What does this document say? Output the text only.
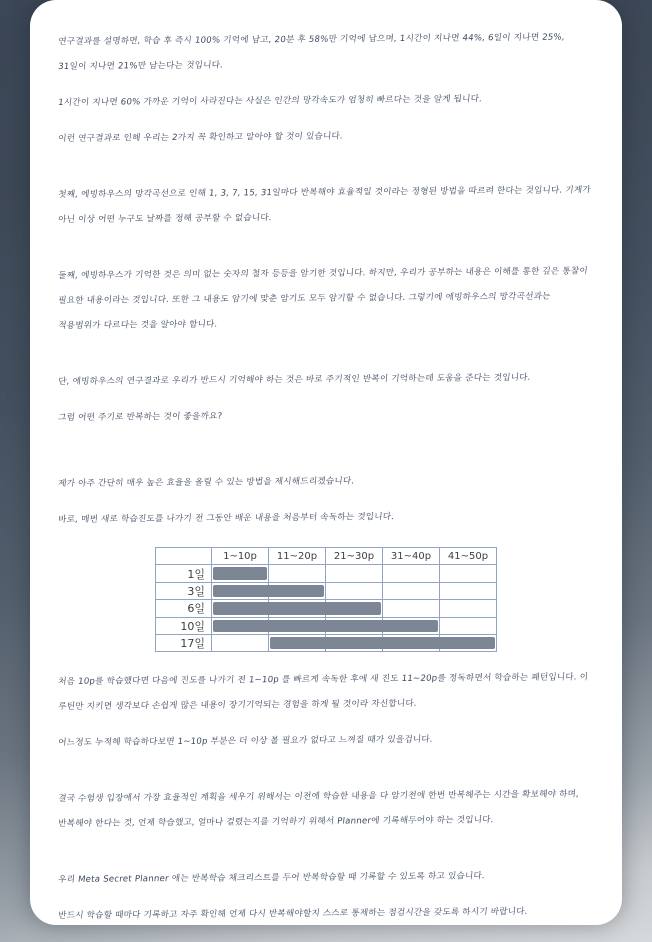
연구결과를 설명하면, 학습 후 즉시 100% 기억에 남고, 20분 후 58%만 기억에 남으며, 1시간이 지나면 44%, 6일이 지나면 25%,
31일이 지나면 21%만 남는다는 것입니다.
1시간이 지나면 60% 가까운 기억이 사라진다는 사실은 인간의 망각속도가 엄청히 빠르다는 것을 알게 됩니다.
이런 연구결과로 인해 우리는 2가지 꼭 확인하고 알아야 할 것이 있습니다.
첫째, 에빙하우스의 망각곡선으로 인해 1, 3, 7, 15, 31일마다 반복해야 효율적일 것이라는 정형된 방법을 따르려 한다는 것입니다. 기계가
아닌 이상 어떤 누구도 날짜를 정해 공부할 수 없습니다.
둘째, 에빙하우스가 기억한 것은 의미 없는 숫자의 철자 등등을 암기한 것입니다. 하지만, 우리가 공부하는 내용은 이해를 통한 깊은 통찰이
필요한 내용이라는 것입니다. 또한 그 내용도 암기에 맞춘 암기도 모두 암기할 수 없습니다. 그렇기에 에빙하우스의 망각곡선과는
적용범위가 다르다는 것을 알아야 합니다.
단, 에빙하우스의 연구결과로 우리가 반드시 기억해야 하는 것은 바로 주기적인 반복이 기억하는데 도움을 준다는 것입니다.
그럼 어떤 주기로 반복하는 것이 좋을까요?
제가 아주 간단히 매우 높은 효율을 올릴 수 있는 방법을 제시해드리겠습니다.
바로, 매번 새로 학습진도를 나가기 전 그동안 배운 내용을 처음부터 속독하는 것입니다.
	1~10p	11~20p	21~30p	31~40p	41~50p
1일	

3일	

6일	

10일	

17일		

처음 10p를 학습했다면 다음에 진도를 나가기 전 1~10p 를 빠르게 속독한 후에 새 진도 11~20p를 정독하면서 학습하는 패턴입니다. 이
루틴만 지키면 생각보다 손쉽게 많은 내용이 장기기억되는 경험을 하게 될 것이라 자신합니다.
어느정도 누적해 학습하다보면 1~10p 부분은 더 이상 볼 필요가 없다고 느껴질 때가 있을겁니다.
결국 수험생 입장에서 가장 효율적인 계획을 세우기 위해서는 이전에 학습한 내용을 다 암기전에 한번 반복해주는 시간을 확보해야 하며,
반복해야 한다는 것, 언제 학습했고, 얼마나 걸렸는지를 기억하기 위해서 Planner에 기록해두어야 하는 것입니다.
우리 Meta Secret Planner 에는 반복학습 체크리스트를 두어 반복학습할 때 기록할 수 있도록 하고 있습니다.
반드시 학습할 때마다 기록하고 자주 확인해 언제 다시 반복해야할지 스스로 통제하는 점검시간을 갖도록 하시기 바랍니다.
